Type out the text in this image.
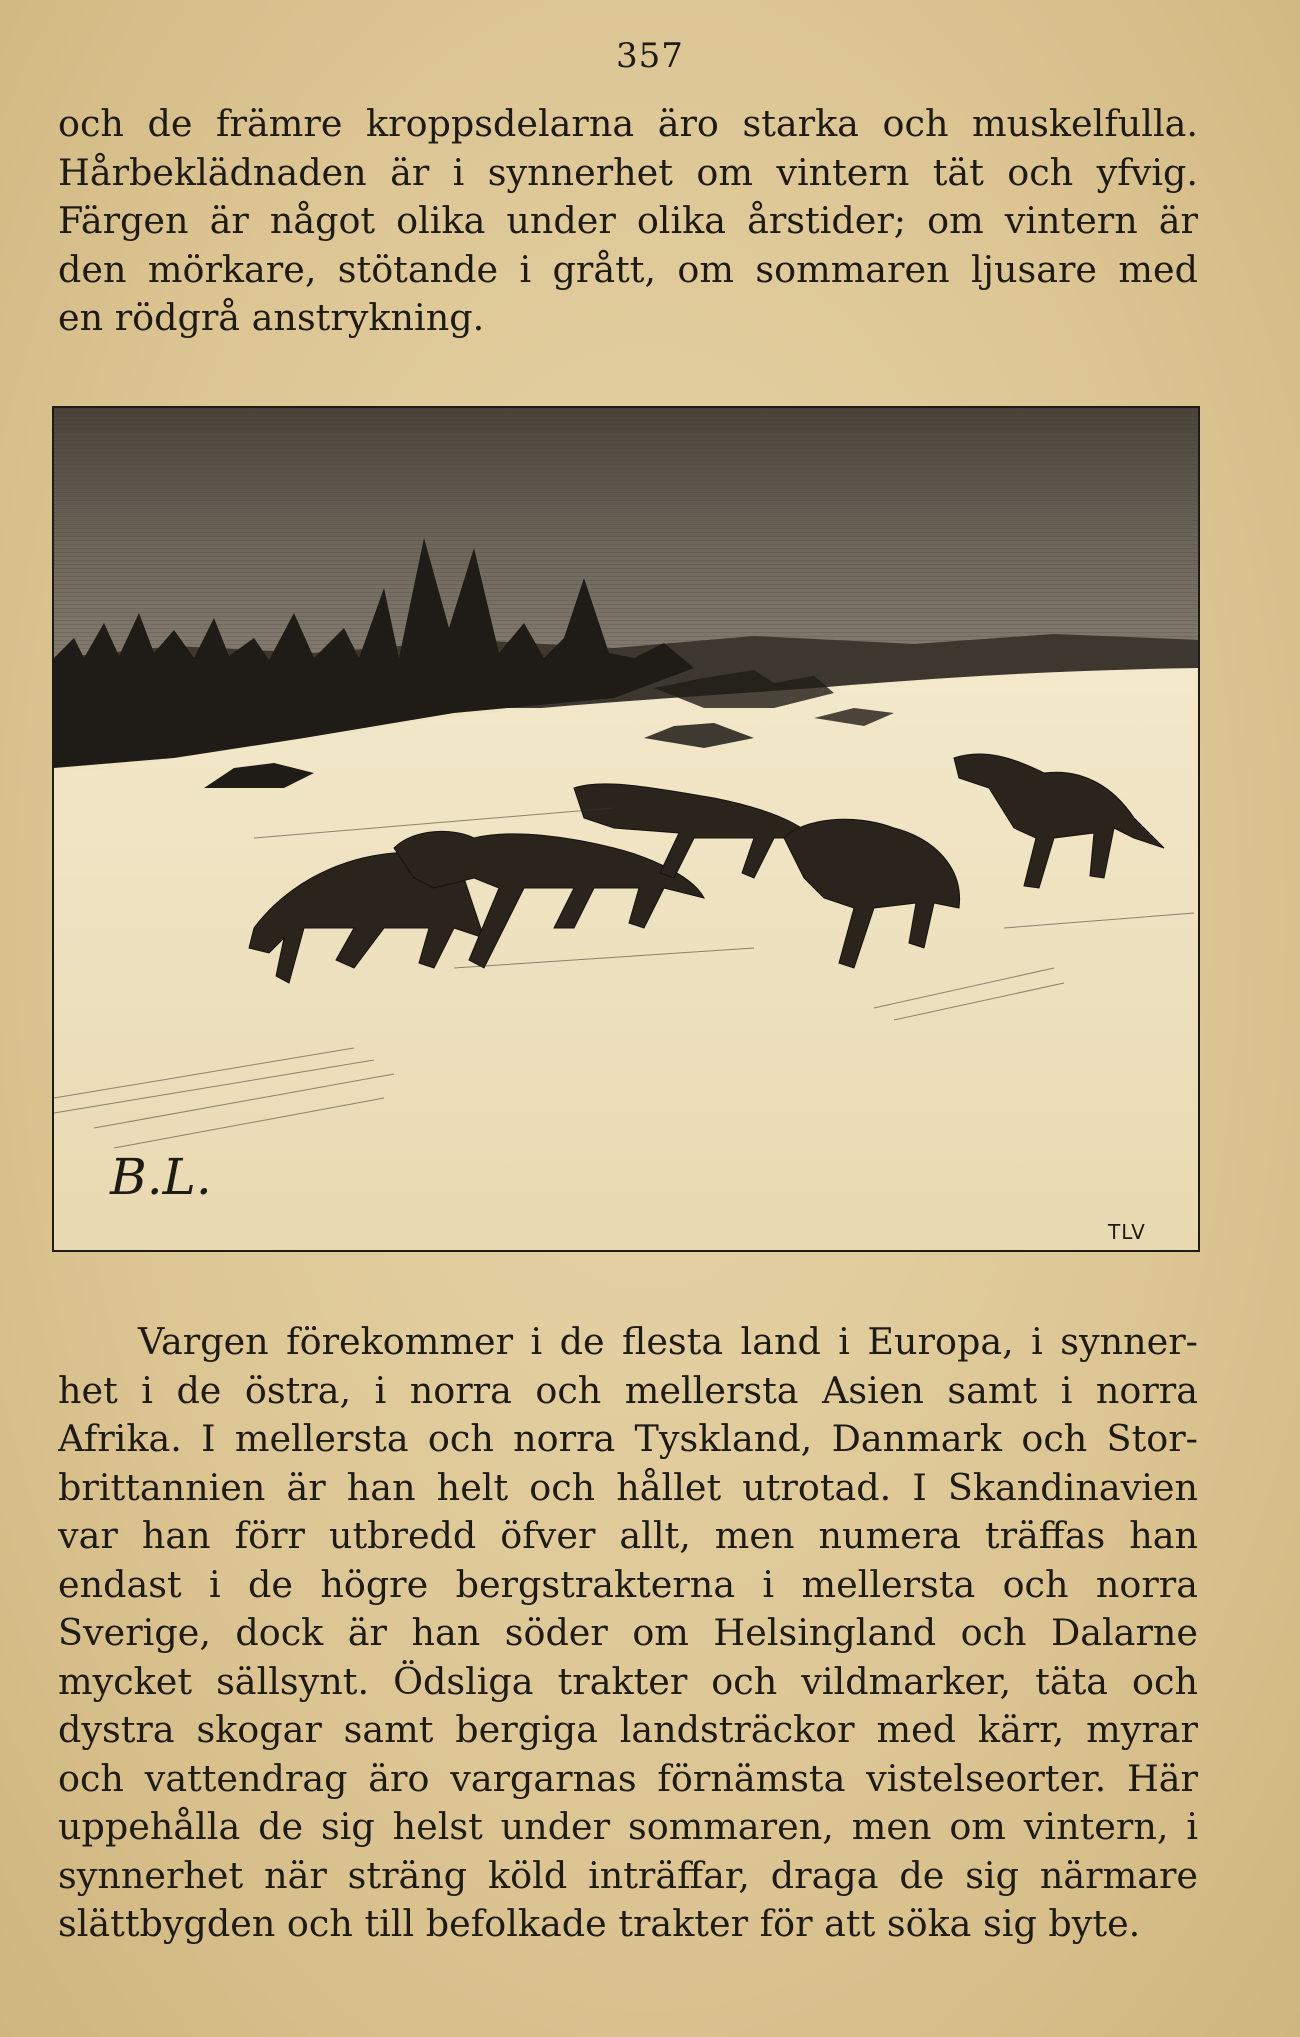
357
och de främre kroppsdelarna äro starka och muskelfulla.
Hårbeklädnaden är i synnerhet om vintern tät och yfvig.
Färgen är något olika under olika årstider; om vintern är
den mörkare, stötande i grått, om sommaren ljusare med
en rödgrå anstrykning.
B.L.
TLV
Vargen förekommer i de flesta land i Europa, i synner-
het i de östra, i norra och mellersta Asien samt i norra
Afrika. I mellersta och norra Tyskland, Danmark och Stor-
brittannien är han helt och hållet utrotad. I Skandinavien
var han förr utbredd öfver allt, men numera träffas han
endast i de högre bergstrakterna i mellersta och norra
Sverige, dock är han söder om Helsingland och Dalarne
mycket sällsynt. Ödsliga trakter och vildmarker, täta och
dystra skogar samt bergiga landsträckor med kärr, myrar
och vattendrag äro vargarnas förnämsta vistelseorter. Här
uppehålla de sig helst under sommaren, men om vintern, i
synnerhet när sträng köld inträffar, draga de sig närmare
slättbygden och till befolkade trakter för att söka sig byte.
